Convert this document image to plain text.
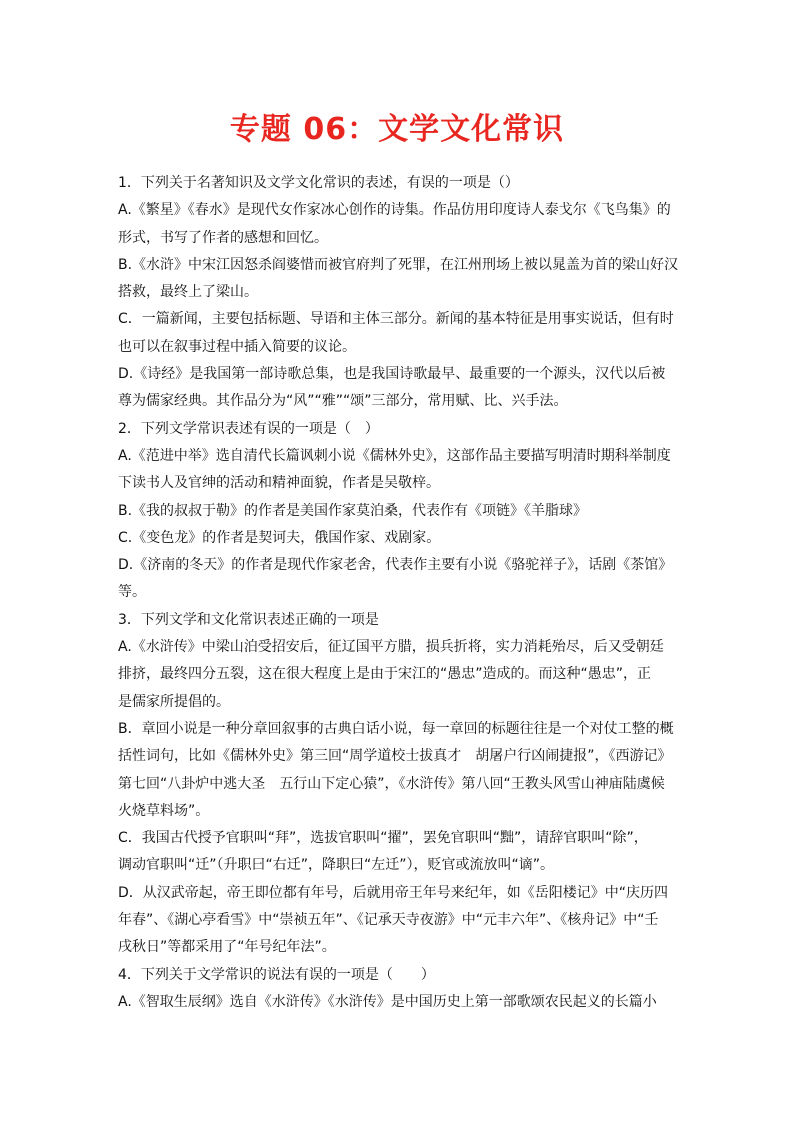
专题 06：文学文化常识
1．下列关于名著知识及文学文化常识的表述，有误的一项是（）
A.《繁星》《春水》是现代女作家冰心创作的诗集。作品仿用印度诗人泰戈尔《飞鸟集》的
形式，书写了作者的感想和回忆。
B.《水浒》中宋江因怒杀阎婆惜而被官府判了死罪，在江州刑场上被以晁盖为首的梁山好汉
搭救，最终上了梁山。
C．一篇新闻，主要包括标题、导语和主体三部分。新闻的基本特征是用事实说话，但有时
也可以在叙事过程中插入简要的议论。
D.《诗经》是我国第一部诗歌总集，也是我国诗歌最早、最重要的一个源头，汉代以后被
尊为儒家经典。其作品分为“风”“雅”“颂”三部分，常用赋、比、兴手法。
2．下列文学常识表述有误的一项是（　）
A.《范进中举》选自清代长篇讽刺小说《儒林外史》，这部作品主要描写明清时期科举制度
下读书人及官绅的活动和精神面貌，作者是吴敬梓。
B.《我的叔叔于勒》的作者是美国作家莫泊桑，代表作有《项链》《羊脂球》
C.《变色龙》的作者是契诃夫，俄国作家、戏剧家。
D.《济南的冬天》的作者是现代作家老舍，代表作主要有小说《骆驼祥子》，话剧《茶馆》
等。
3．下列文学和文化常识表述正确的一项是
A.《水浒传》中梁山泊受招安后，征辽国平方腊，损兵折将，实力消耗殆尽，后又受朝廷
排挤，最终四分五裂，这在很大程度上是由于宋江的“愚忠”造成的。而这种“愚忠”，正
是儒家所提倡的。
B．章回小说是一种分章回叙事的古典白话小说，每一章回的标题往往是一个对仗工整的概
括性词句，比如《儒林外史》第三回“周学道校士拔真才　胡屠户行凶闹捷报”，《西游记》
第七回“八卦炉中逃大圣　五行山下定心猿”，《水浒传》第八回“王教头风雪山神庙陆虞候
火烧草料场”。
C．我国古代授予官职叫“拜”，选拔官职叫“擢”，罢免官职叫“黜”，请辞官职叫“除”，
调动官职叫“迁”（升职曰“右迁”，降职曰“左迁”），贬官或流放叫“谪”。
D．从汉武帝起，帝王即位都有年号，后就用帝王年号来纪年，如《岳阳楼记》中“庆历四
年春”、《湖心亭看雪》中“崇祯五年”、《记承天寺夜游》中“元丰六年”、《核舟记》中“壬
戌秋日”等都采用了“年号纪年法”。
4．下列关于文学常识的说法有误的一项是（　　）
A.《智取生辰纲》选自《水浒传》《水浒传》是中国历史上第一部歌颂农民起义的长篇小
